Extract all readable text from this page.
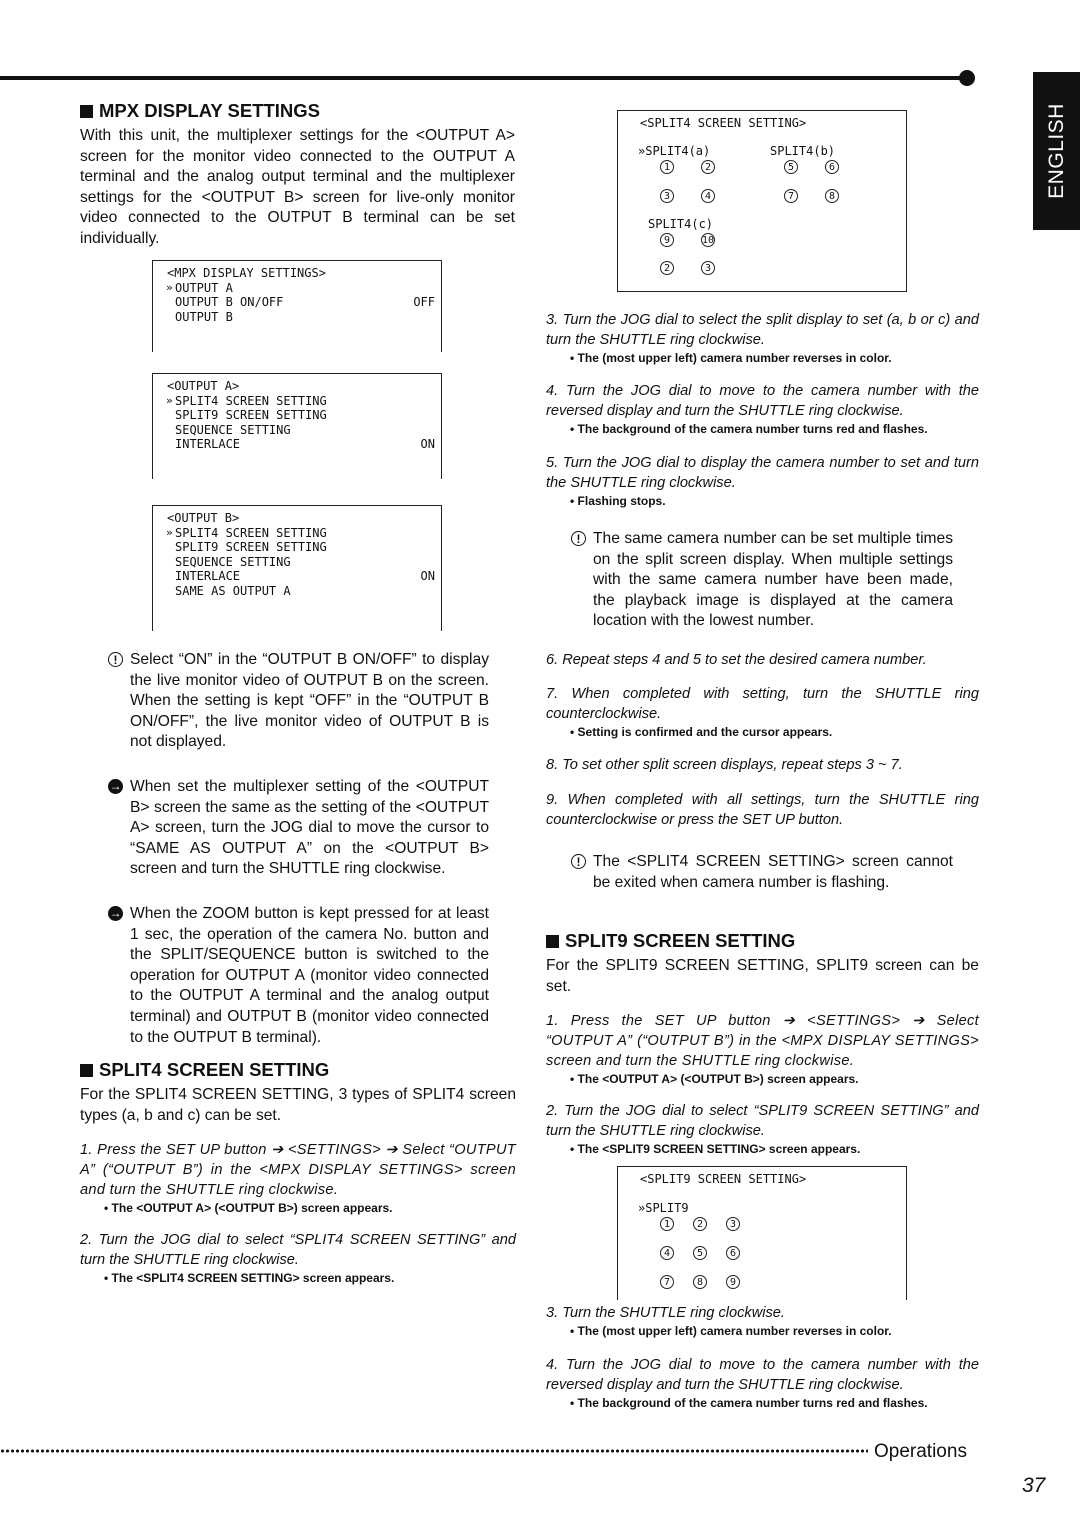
ENGLISH
MPX DISPLAY SETTINGS

With this unit, the multiplexer settings for the <OUTPUT A> screen for the monitor video connected to the OUTPUT A terminal and the analog output terminal and the multiplexer settings for the <OUTPUT B> screen for live-only monitor video connected to the OUTPUT B terminal can be set individually.

<MPX DISPLAY SETTINGS>
» OUTPUT A
OUTPUT B ON/OFF	OFF
OUTPUT B
<OUTPUT A>
» SPLIT4 SCREEN SETTING
SPLIT9 SCREEN SETTING
SEQUENCE SETTING
INTERLACE	ON
<OUTPUT B>
» SPLIT4 SCREEN SETTING
SPLIT9 SCREEN SETTING
SEQUENCE SETTING
INTERLACE	ON
SAME AS OUTPUT A

!
Select “ON” in the “OUTPUT B ON/OFF” to display the live monitor video of OUTPUT B on the screen. When the setting is kept “OFF” in the “OUTPUT B ON/OFF”, the live monitor video of OUTPUT B is not displayed.

→
When set the multiplexer setting of the <OUTPUT B> screen the same as the setting of the <OUTPUT A> screen, turn the JOG dial to move the cursor to “SAME AS OUTPUT A” on the <OUTPUT B> screen and turn the SHUTTLE ring clockwise.

→
When the ZOOM button is kept pressed for at least 1 sec, the operation of the camera No. button and the SPLIT/SEQUENCE button is switched to the operation for OUTPUT A (monitor video connected to the OUTPUT A terminal and the analog output terminal) and OUTPUT B (monitor video connected to the OUTPUT B terminal).

SPLIT4 SCREEN SETTING

For the SPLIT4 SCREEN SETTING, 3 types of SPLIT4 screen types (a, b and c) can be set.

1. Press the SET UP button ➔ <SETTINGS> ➔ Select “OUTPUT A” (“OUTPUT B”) in the <MPX DISPLAY SETTINGS> screen and turn the SHUTTLE ring clockwise.

• The <OUTPUT A> (<OUTPUT B>) screen appears.

2. Turn the JOG dial to select “SPLIT4 SCREEN SETTING” and turn the SHUTTLE ring clockwise.

• The <SPLIT4 SCREEN SETTING> screen appears.

<SPLIT4 SCREEN SETTING>
»SPLIT4(a)	SPLIT4(b)
1	2	5	6
3	4	7	8
SPLIT4(c)
9	10
2	3

3. Turn the JOG dial to select the split display to set (a, b or c) and turn the SHUTTLE ring clockwise.

• The (most upper left) camera number reverses in color.

4. Turn the JOG dial to move to the camera number with the reversed display and turn the SHUTTLE ring clockwise.

• The background of the camera number turns red and flashes.

5. Turn the JOG dial to display the camera number to set and turn the SHUTTLE ring clockwise.

• Flashing stops.

!
The same camera number can be set multiple times on the split screen display. When multiple settings with the same camera number have been made, the playback image is displayed at the camera location with the lowest number.

6. Repeat steps 4 and 5 to set the desired camera number.

7. When completed with setting, turn the SHUTTLE ring counterclockwise.

• Setting is confirmed and the cursor appears.

8. To set other split screen displays, repeat steps 3 ~ 7.

9. When completed with all settings, turn the SHUTTLE ring counterclockwise or press the SET UP button.

!
The <SPLIT4 SCREEN SETTING> screen cannot be exited when camera number is flashing.

SPLIT9 SCREEN SETTING

For the SPLIT9 SCREEN SETTING, SPLIT9 screen can be set.

1. Press the SET UP button ➔ <SETTINGS> ➔ Select “OUTPUT A” (“OUTPUT B”) in the <MPX DISPLAY SETTINGS> screen and turn the SHUTTLE ring clockwise.

• The <OUTPUT A> (<OUTPUT B>) screen appears.

2. Turn the JOG dial to select “SPLIT9 SCREEN SETTING” and turn the SHUTTLE ring clockwise.

• The <SPLIT9 SCREEN SETTING> screen appears.

<SPLIT9 SCREEN SETTING>
»SPLIT9
1	2	3
4	5	6
7	8	9

3. Turn the SHUTTLE ring clockwise.

• The (most upper left) camera number reverses in color.

4. Turn the JOG dial to move to the camera number with the reversed display and turn the SHUTTLE ring clockwise.

• The background of the camera number turns red and flashes.

Operations
37
